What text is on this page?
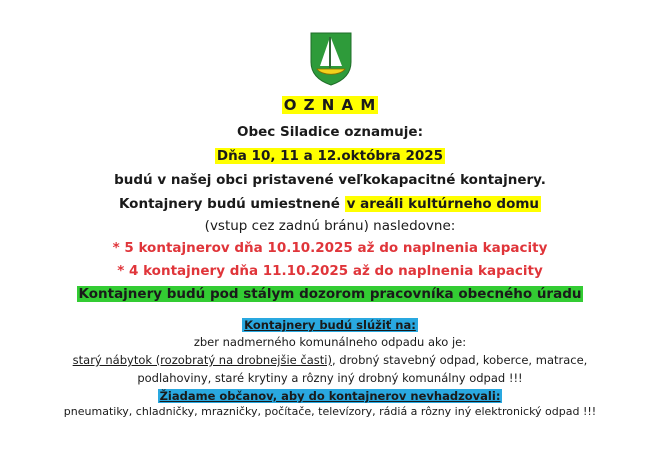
O Z N A M
Obec Siladice oznamuje:
Dňa 10, 11 a 12.októbra 2025
budú v našej obci pristavené veľkokapacitné kontajnery.
Kontajnery budú umiestnené v areáli kultúrneho domu
(vstup cez zadnú bránu) nasledovne:
* 5 kontajnerov dňa 10.10.2025 až do naplnenia kapacity
* 4 kontajnery dňa 11.10.2025 až do naplnenia kapacity
Kontajnery budú pod stálym dozorom pracovníka obecného úradu
Kontajnery budú slúžiť na:
zber nadmerného komunálneho odpadu ako je:
starý nábytok (rozobratý na drobnejšie časti), drobný stavebný odpad, koberce, matrace,
podlahoviny, staré krytiny a rôzny iný drobný komunálny odpad !!!
Žiadame občanov, aby do kontajnerov nevhadzovali:
pneumatiky, chladničky, mrazničky, počítače, televízory, rádiá a rôzny iný elektronický odpad !!!
